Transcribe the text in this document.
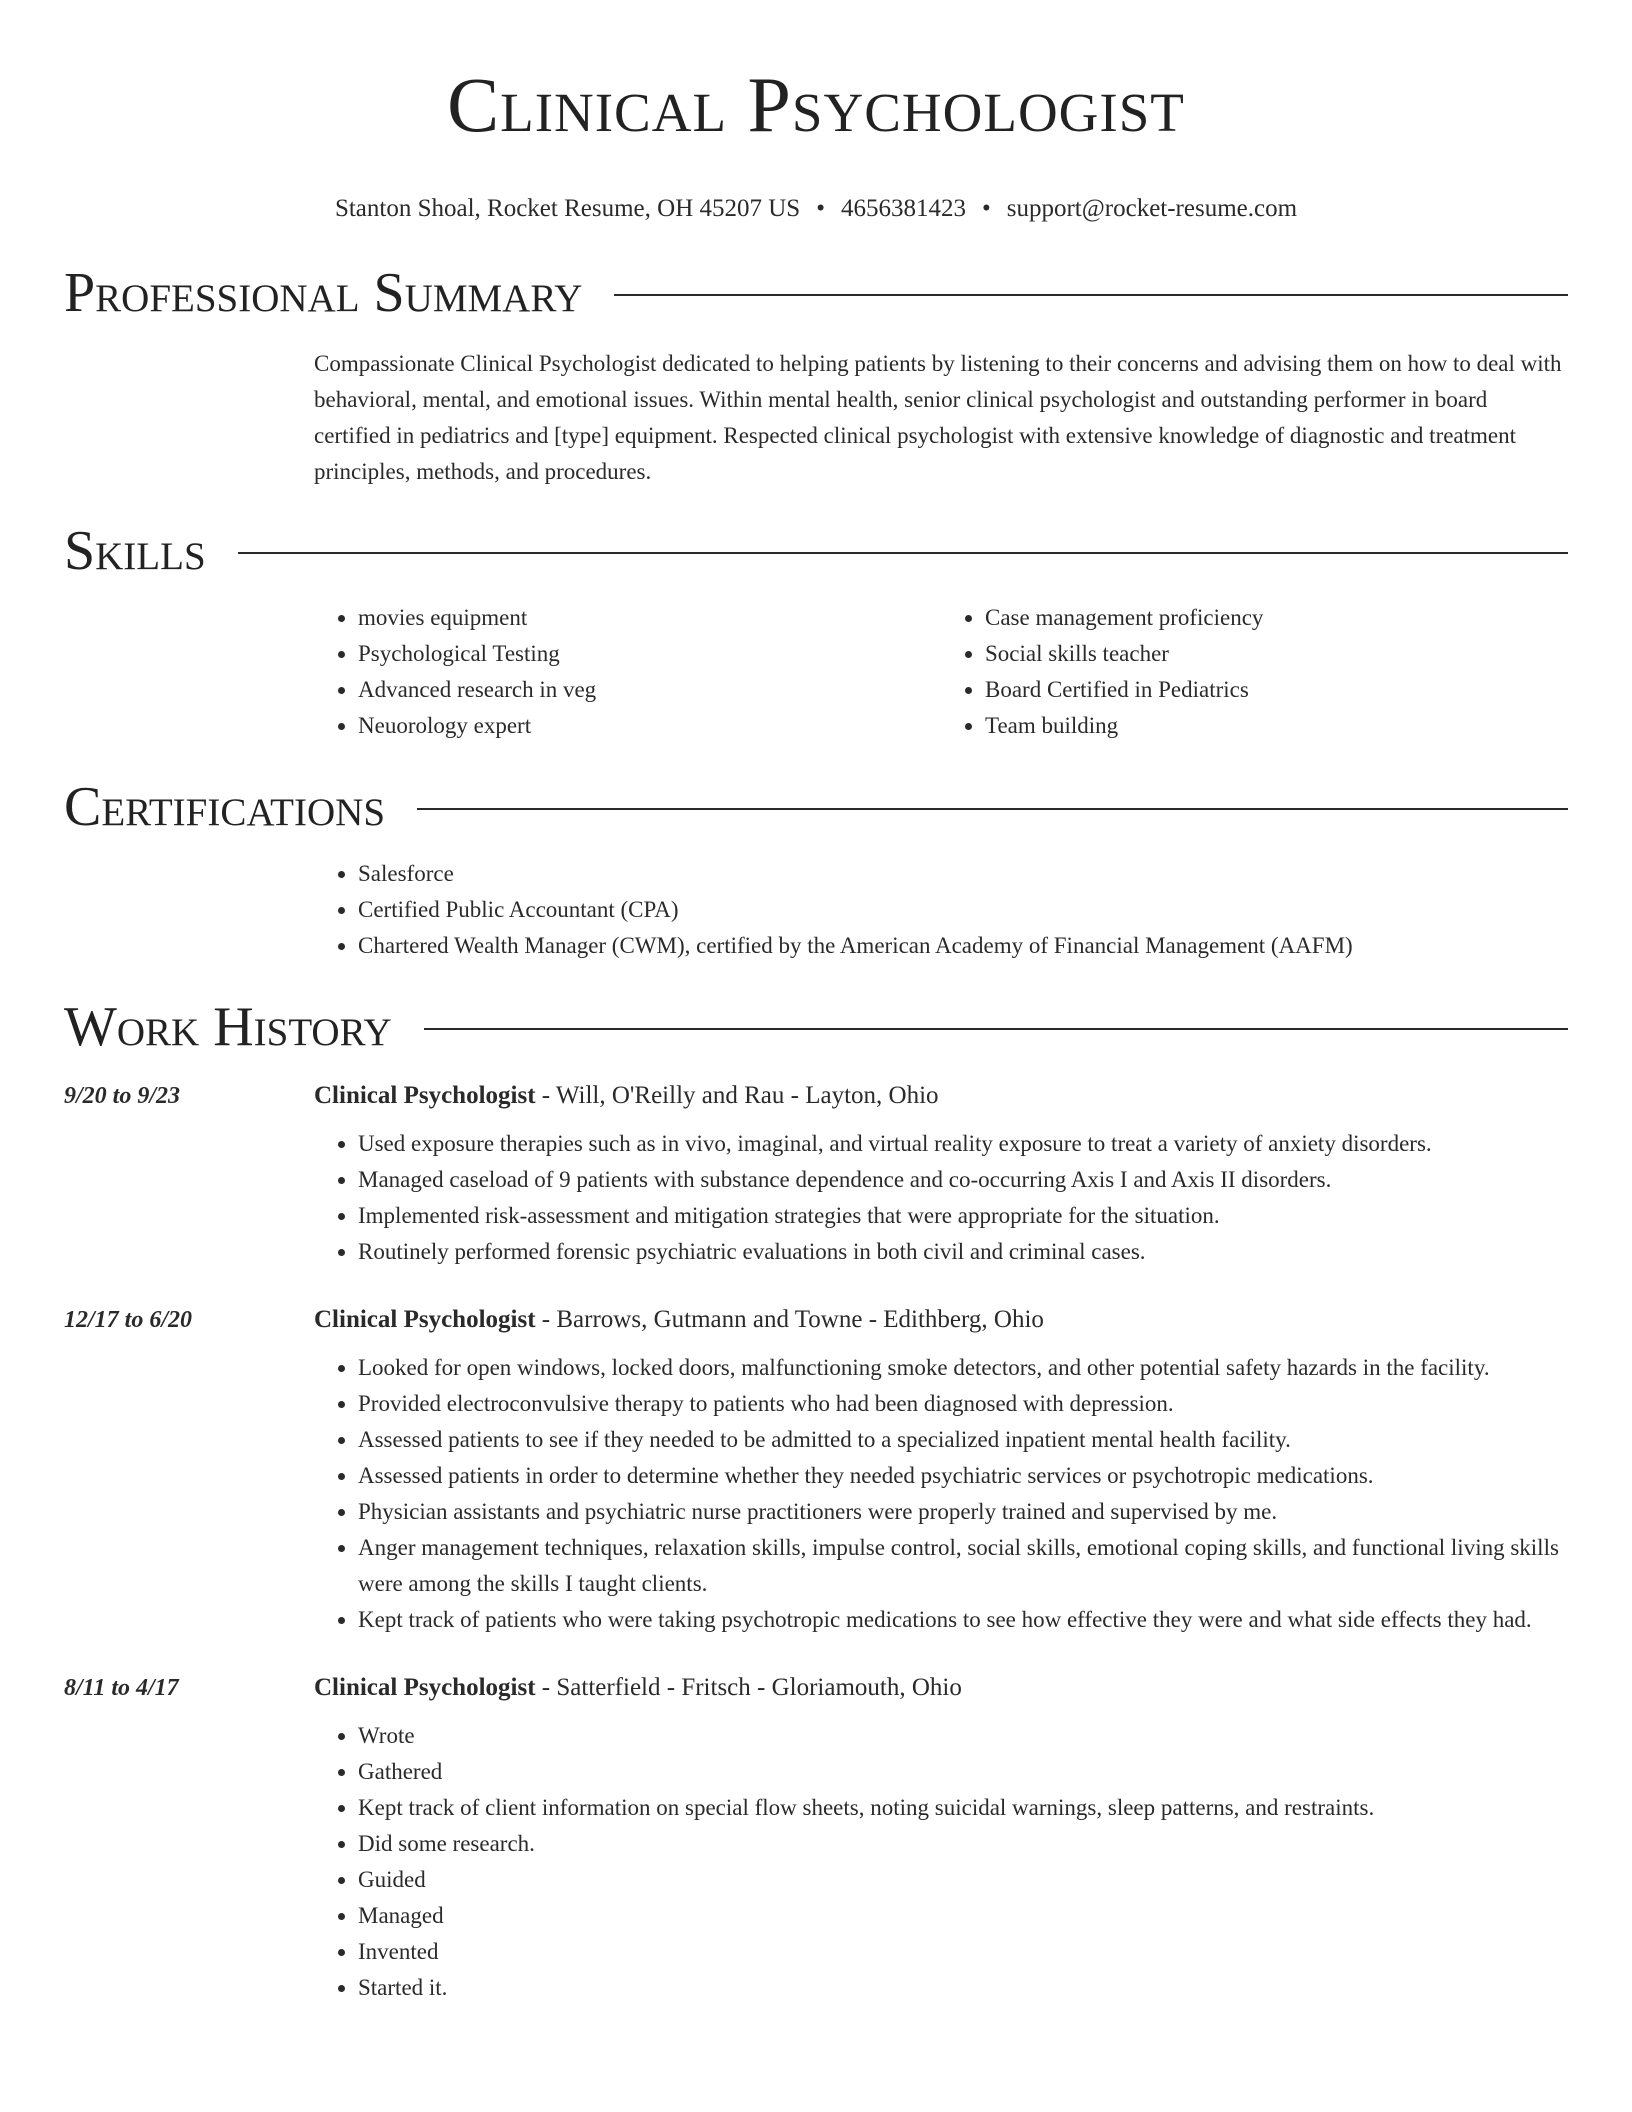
Clinical Psychologist
Stanton Shoal, Rocket Resume, OH 45207 US • 4656381423 • support@rocket-resume.com
Professional Summary
Compassionate Clinical Psychologist dedicated to helping patients by listening to their concerns and advising them on how to deal with behavioral, mental, and emotional issues. Within mental health, senior clinical psychologist and outstanding performer in board certified in pediatrics and [type] equipment. Respected clinical psychologist with extensive knowledge of diagnostic and treatment principles, methods, and procedures.
Skills
• movies equipment
• Psychological Testing
• Advanced research in veg
• Neuorology expert
• Case management proficiency
• Social skills teacher
• Board Certified in Pediatrics
• Team building
Certifications
• Salesforce
• Certified Public Accountant (CPA)
• Chartered Wealth Manager (CWM), certified by the American Academy of Financial Management (AAFM)
Work History
9/20 to 9/23	Clinical Psychologist - Will, O'Reilly and Rau - Layton, Ohio
• Used exposure therapies such as in vivo, imaginal, and virtual reality exposure to treat a variety of anxiety disorders.
• Managed caseload of 9 patients with substance dependence and co-occurring Axis I and Axis II disorders.
• Implemented risk-assessment and mitigation strategies that were appropriate for the situation.
• Routinely performed forensic psychiatric evaluations in both civil and criminal cases.
12/17 to 6/20	Clinical Psychologist - Barrows, Gutmann and Towne - Edithberg, Ohio
• Looked for open windows, locked doors, malfunctioning smoke detectors, and other potential safety hazards in the facility.
• Provided electroconvulsive therapy to patients who had been diagnosed with depression.
• Assessed patients to see if they needed to be admitted to a specialized inpatient mental health facility.
• Assessed patients in order to determine whether they needed psychiatric services or psychotropic medications.
• Physician assistants and psychiatric nurse practitioners were properly trained and supervised by me.
• Anger management techniques, relaxation skills, impulse control, social skills, emotional coping skills, and functional living skills were among the skills I taught clients.
• Kept track of patients who were taking psychotropic medications to see how effective they were and what side effects they had.
8/11 to 4/17	Clinical Psychologist - Satterfield - Fritsch - Gloriamouth, Ohio
• Wrote
• Gathered
• Kept track of client information on special flow sheets, noting suicidal warnings, sleep patterns, and restraints.
• Did some research.
• Guided
• Managed
• Invented
• Started it.
